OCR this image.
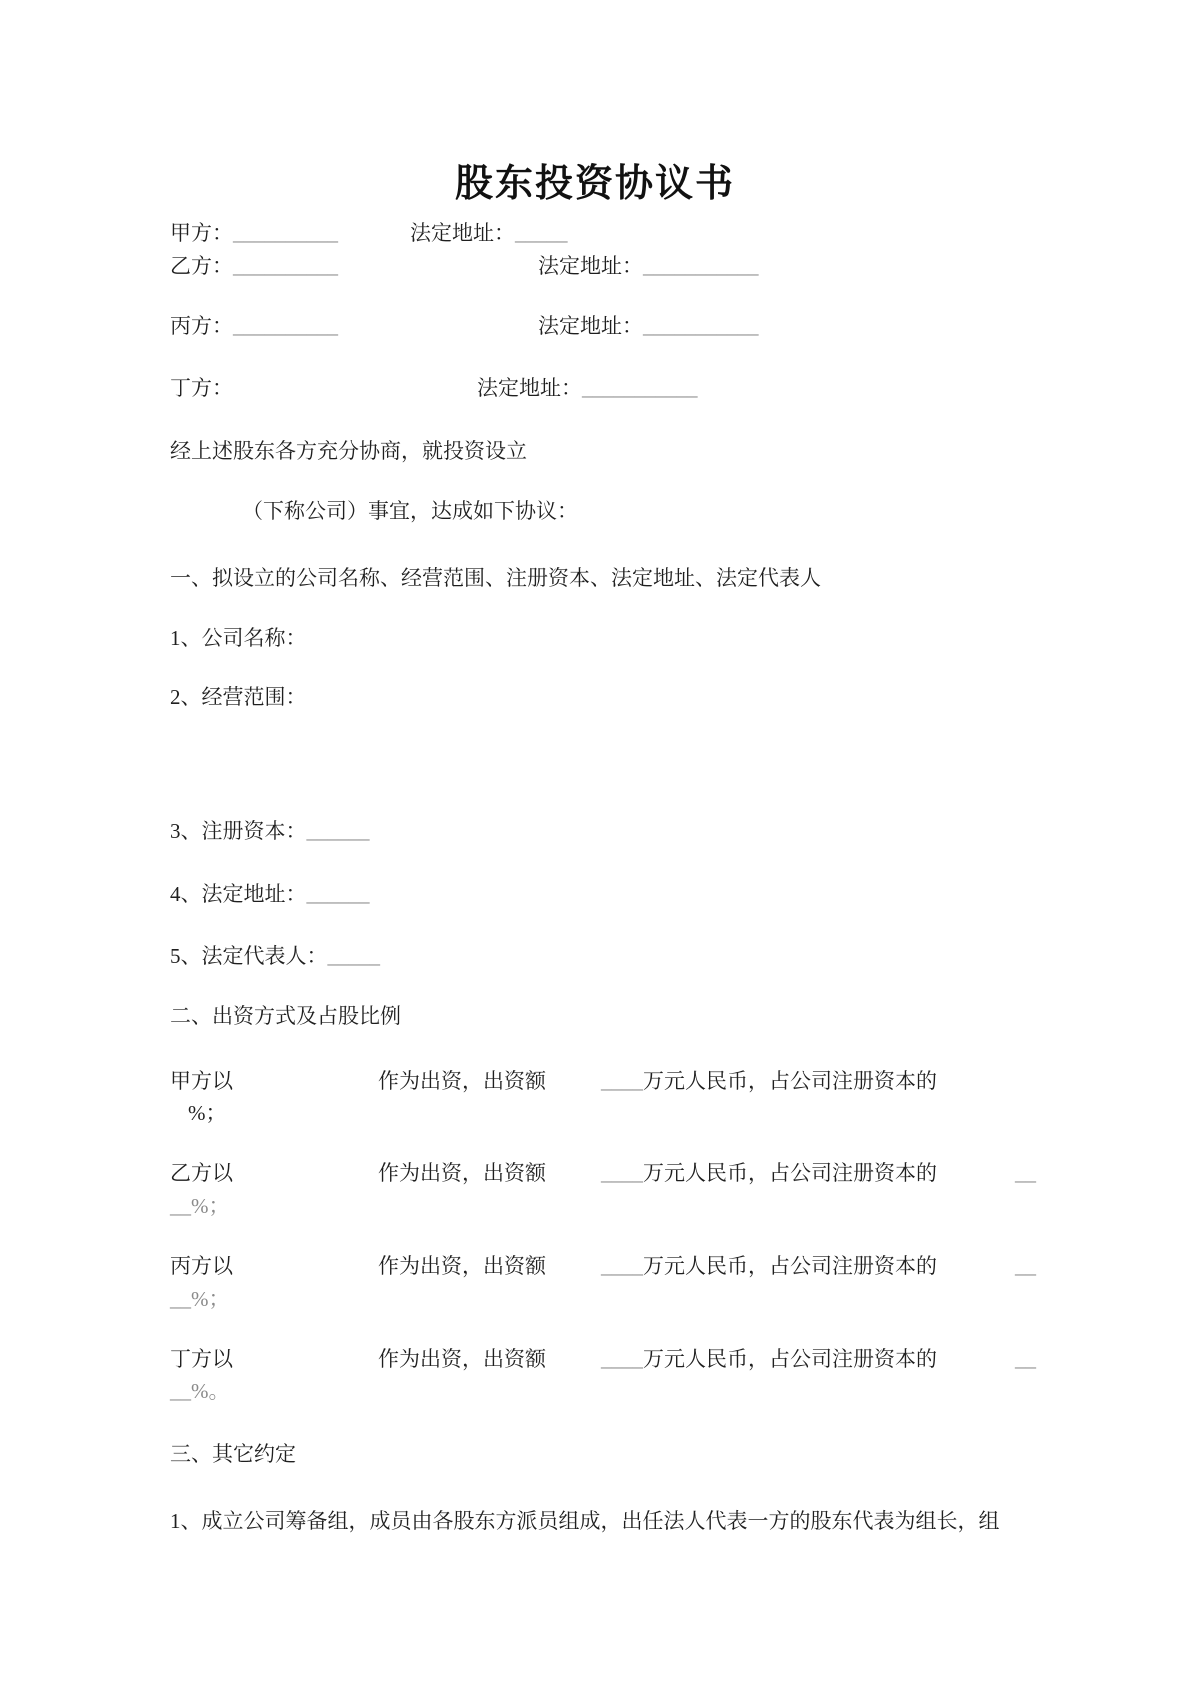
股东投资协议书
甲方：__________	法定地址：_____
乙方：__________	法定地址：___________
丙方：__________	法定地址：___________
丁方：	法定地址：___________
经上述股东各方充分协商，就投资设立
（下称公司）事宜，达成如下协议：
一、拟设立的公司名称、经营范围、注册资本、法定地址、法定代表人
1、公司名称：
2、经营范围：
3、注册资本：______
4、法定地址：______
5、法定代表人：_____
二、出资方式及占股比例
甲方以	作为出资，出资额	____万元人民币，占公司注册资本的
%；
乙方以	作为出资，出资额	____万元人民币，占公司注册资本的	__
__%；
丙方以	作为出资，出资额	____万元人民币，占公司注册资本的	__
__%；
丁方以	作为出资，出资额	____万元人民币，占公司注册资本的	__
__%。
三、其它约定
1、成立公司筹备组，成员由各股东方派员组成，出任法人代表一方的股东代表为组长，组
